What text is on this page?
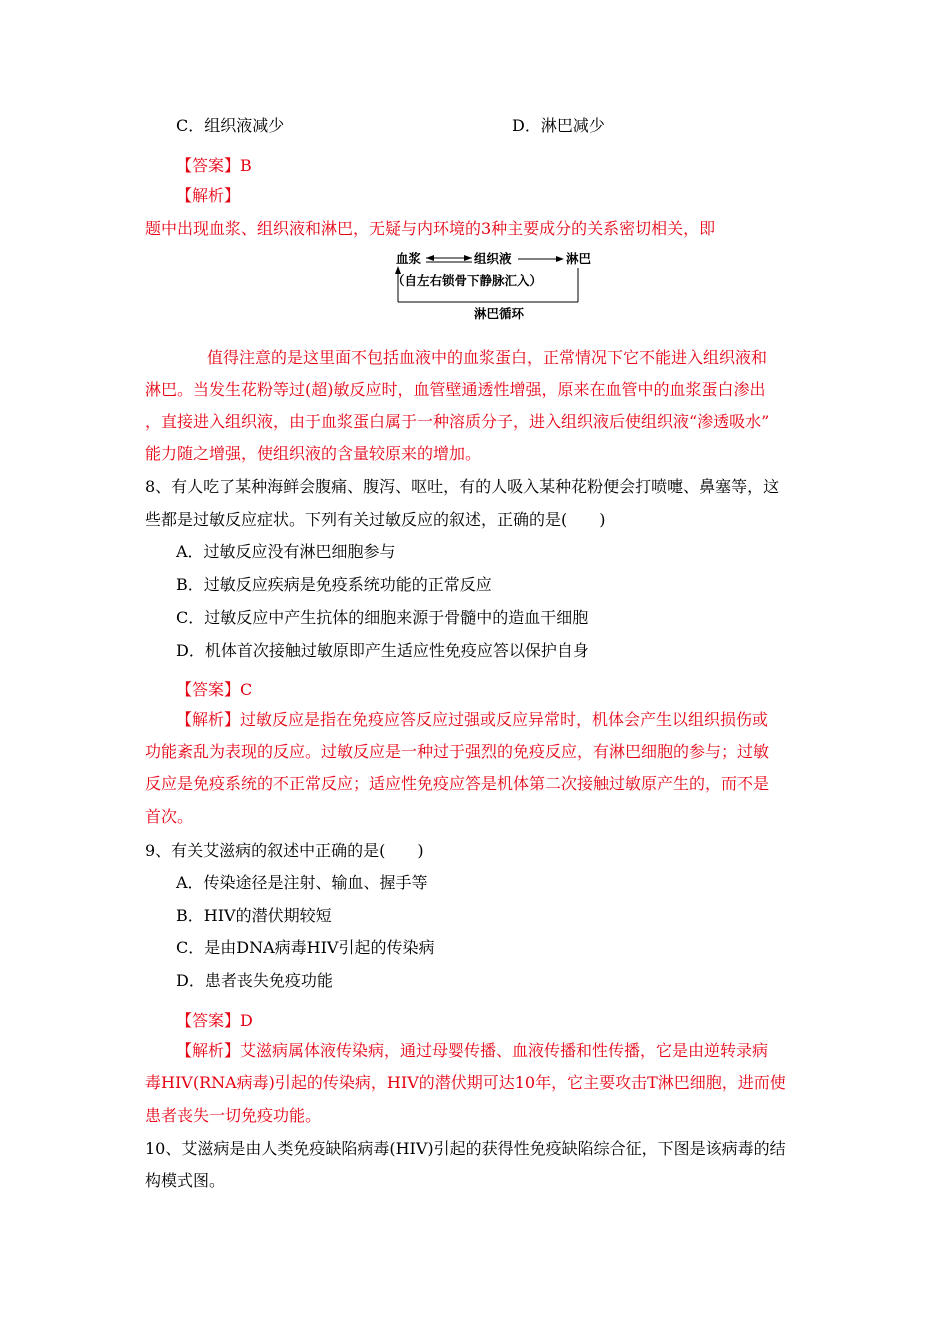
C．组织液减少	D．淋巴减少
【答案】B
【解析】
题中出现血浆、组织液和淋巴，无疑与内环境的3种主要成分的关系密切相关，即
血浆	组织液	淋巴
（自左右锁骨下静脉汇入）
淋巴循环
值得注意的是这里面不包括血液中的血浆蛋白，正常情况下它不能进入组织液和
淋巴。当发生花粉等过(超)敏反应时，血管壁通透性增强，原来在血管中的血浆蛋白渗出
，直接进入组织液，由于血浆蛋白属于一种溶质分子，进入组织液后使组织液“渗透吸水”
能力随之增强，使组织液的含量较原来的增加。
8、有人吃了某种海鲜会腹痛、腹泻、呕吐，有的人吸入某种花粉便会打喷嚏、鼻塞等，这
些都是过敏反应症状。下列有关过敏反应的叙述，正确的是(　　)
A．过敏反应没有淋巴细胞参与
B．过敏反应疾病是免疫系统功能的正常反应
C．过敏反应中产生抗体的细胞来源于骨髓中的造血干细胞
D．机体首次接触过敏原即产生适应性免疫应答以保护自身
【答案】C
【解析】过敏反应是指在免疫应答反应过强或反应异常时，机体会产生以组织损伤或
功能紊乱为表现的反应。过敏反应是一种过于强烈的免疫反应，有淋巴细胞的参与；过敏
反应是免疫系统的不正常反应；适应性免疫应答是机体第二次接触过敏原产生的，而不是
首次。
9、有关艾滋病的叙述中正确的是(　　)
A．传染途径是注射、输血、握手等
B．HIV的潜伏期较短
C．是由DNA病毒HIV引起的传染病
D．患者丧失免疫功能
【答案】D
【解析】艾滋病属体液传染病，通过母婴传播、血液传播和性传播，它是由逆转录病
毒HIV(RNA病毒)引起的传染病，HIV的潜伏期可达10年，它主要攻击T淋巴细胞，进而使
患者丧失一切免疫功能。
10、艾滋病是由人类免疫缺陷病毒(HIV)引起的获得性免疫缺陷综合征，下图是该病毒的结
构模式图。
